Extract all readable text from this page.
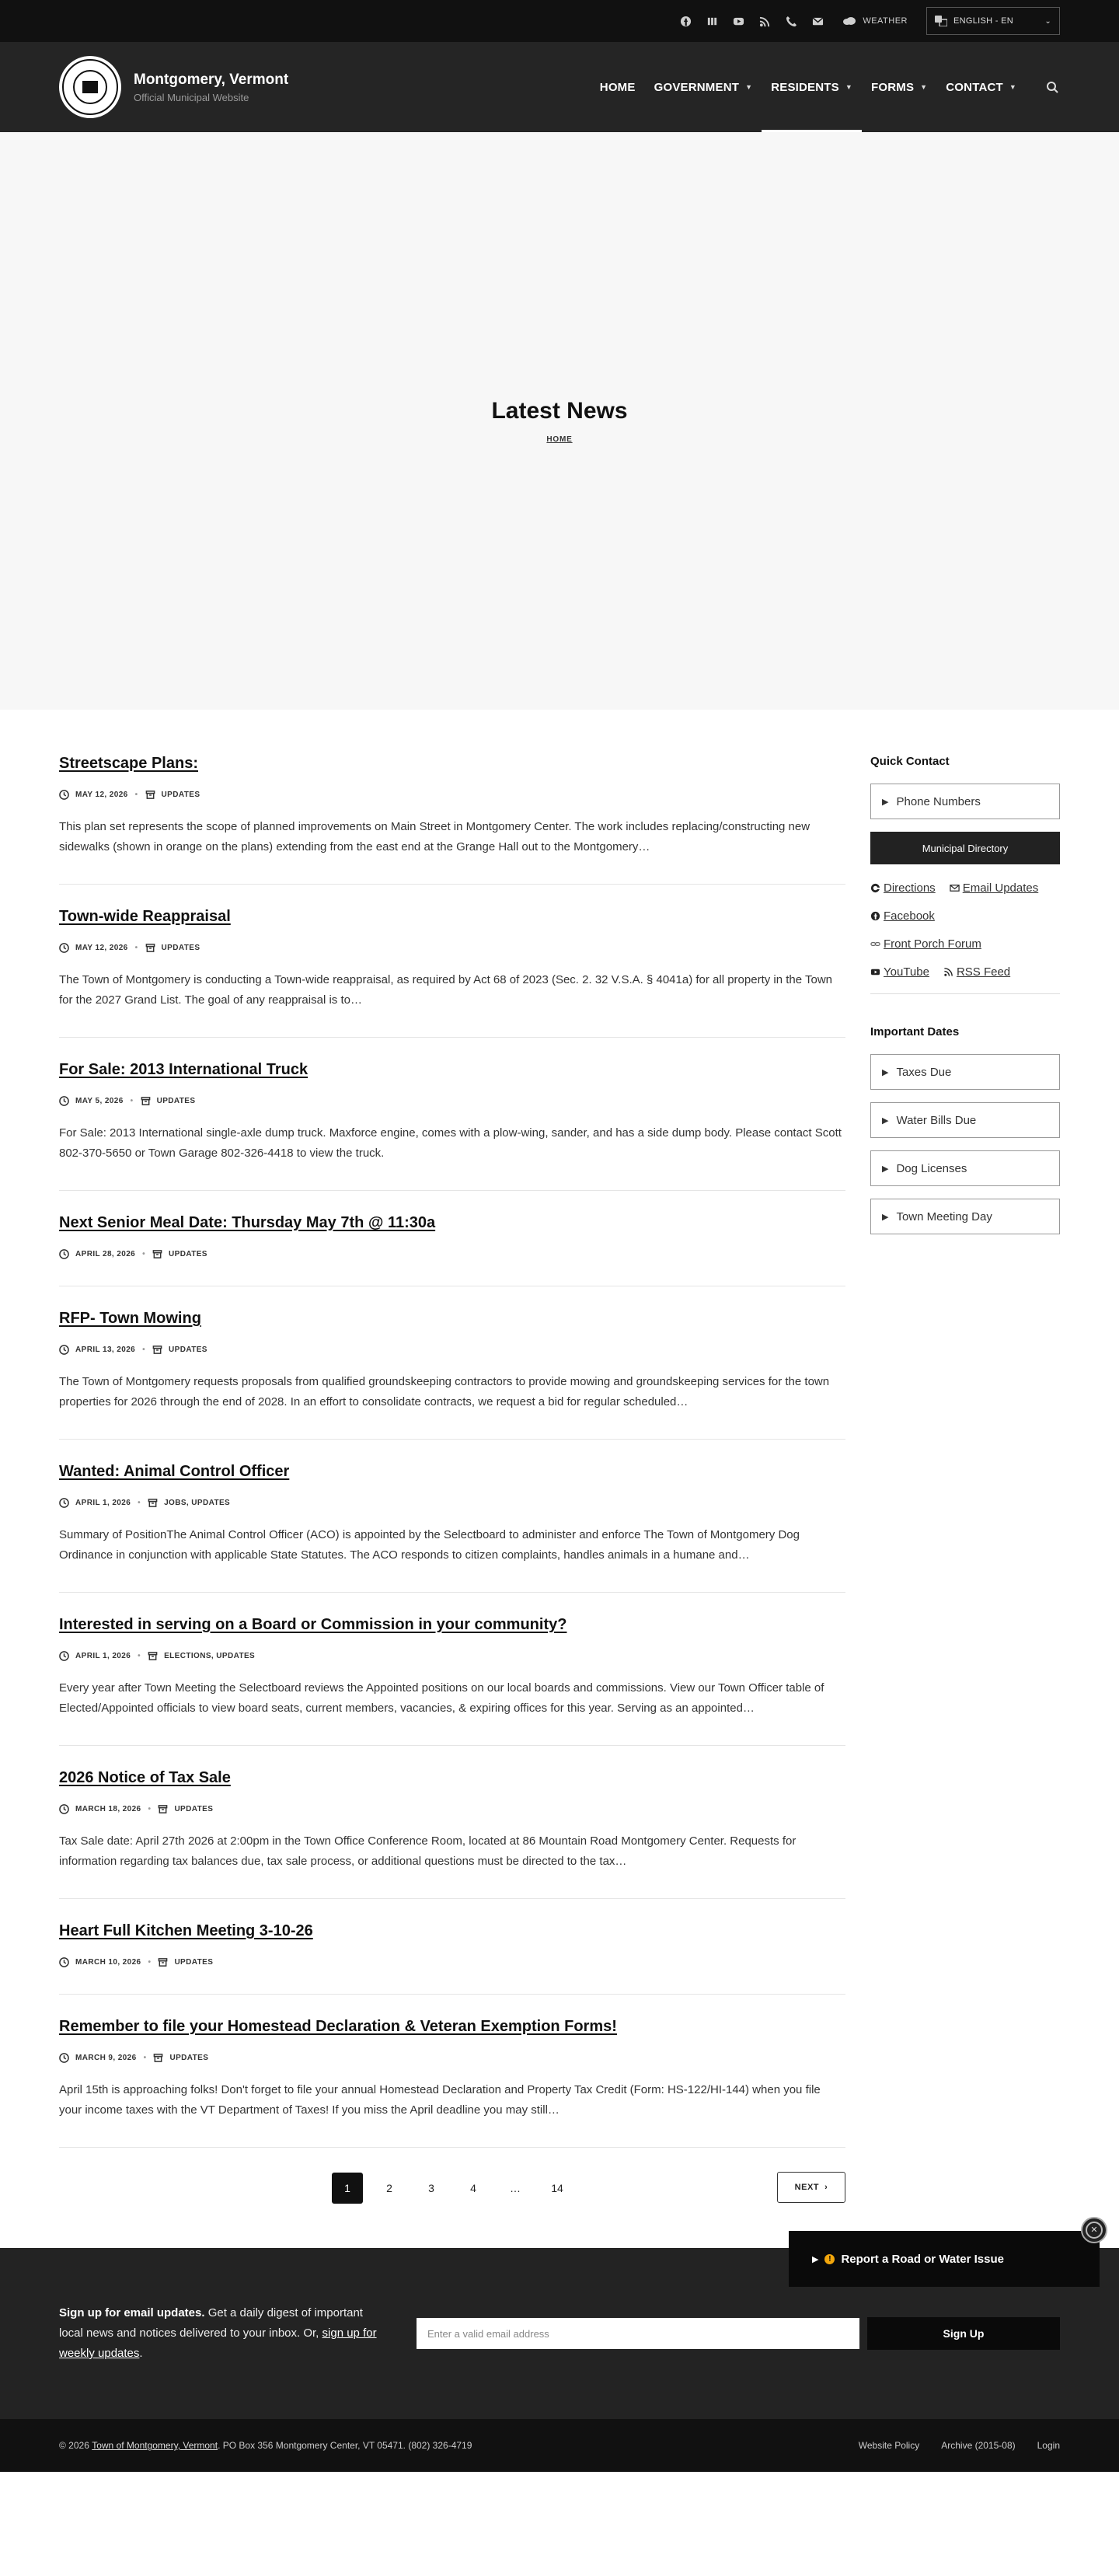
WEATHER	ENGLISH - EN	⌄
Montgomery, Vermont
Official Municipal Website
HOME GOVERNMENT ▼ RESIDENTS ▼ FORMS ▼ CONTACT ▼
Latest News
HOME
Streetscape Plans:
MAY 12, 2026 •	UPDATES

This plan set represents the scope of planned improvements on Main Street in Montgomery Center. The work includes replacing/constructing new sidewalks (shown in orange on the plans) extending from the east end at the Grange Hall out to the Montgomery…

Town-wide Reappraisal
MAY 12, 2026 •	UPDATES

The Town of Montgomery is conducting a Town-wide reappraisal, as required by Act 68 of 2023 (Sec. 2. 32 V.S.A. § 4041a) for all property in the Town for the 2027 Grand List. The goal of any reappraisal is to…

For Sale: 2013 International Truck
MAY 5, 2026 •	UPDATES

For Sale: 2013 International single-axle dump truck. Maxforce engine, comes with a plow-wing, sander, and has a side dump body. Please contact Scott 802-370-5650 or Town Garage 802-326-4418 to view the truck.

Next Senior Meal Date: Thursday May 7th @ 11:30a
APRIL 28, 2026 •	UPDATES
RFP- Town Mowing
APRIL 13, 2026 •	UPDATES

The Town of Montgomery requests proposals from qualified groundskeeping contractors to provide mowing and groundskeeping services for the town properties for 2026 through the end of 2028. In an effort to consolidate contracts, we request a bid for regular scheduled…

Wanted: Animal Control Officer
APRIL 1, 2026 •	JOBS, UPDATES

Summary of PositionThe Animal Control Officer (ACO) is appointed by the Selectboard to administer and enforce The Town of Montgomery Dog Ordinance in conjunction with applicable State Statutes. The ACO responds to citizen complaints, handles animals in a humane and…

Interested in serving on a Board or Commission in your community?
APRIL 1, 2026 •	ELECTIONS, UPDATES

Every year after Town Meeting the Selectboard reviews the Appointed positions on our local boards and commissions. View our Town Officer table of Elected/Appointed officials to view board seats, current members, vacancies, & expiring offices for this year. Serving as an appointed…

2026 Notice of Tax Sale
MARCH 18, 2026 •	UPDATES

Tax Sale date: April 27th 2026 at 2:00pm in the Town Office Conference Room, located at 86 Mountain Road Montgomery Center. Requests for information regarding tax balances due, tax sale process, or additional questions must be directed to the tax…

Heart Full Kitchen Meeting 3-10-26
MARCH 10, 2026 •	UPDATES
Remember to file your Homestead Declaration & Veteran Exemption Forms!
MARCH 9, 2026 •	UPDATES

April 15th is approaching folks! Don't forget to file your annual Homestead Declaration and Property Tax Credit (Form: HS-122/HI-144) when you file your income taxes with the VT Department of Taxes! If you miss the April deadline you may still…

1	2	3	4	…	14	NEXT
›
Quick Contact
▶ Phone Numbers
Municipal Directory
Directions Email Updates
Facebook
Front Porch Forum
YouTube RSS Feed
Important Dates
▶ Taxes Due
▶ Water Bills Due
▶ Dog Licenses
▶ Town Meeting Day
▶	! Report a Road or Water Issue
✕
Sign up for email updates. Get a daily digest of important local news and notices delivered to your inbox. Or, sign up for weekly updates.
Enter a valid email address	Sign Up
© 2026
Town of Montgomery, Vermont . PO Box 356 Montgomery Center, VT 05471. (802) 326-4719	Website Policy Archive (2015-08) Login
